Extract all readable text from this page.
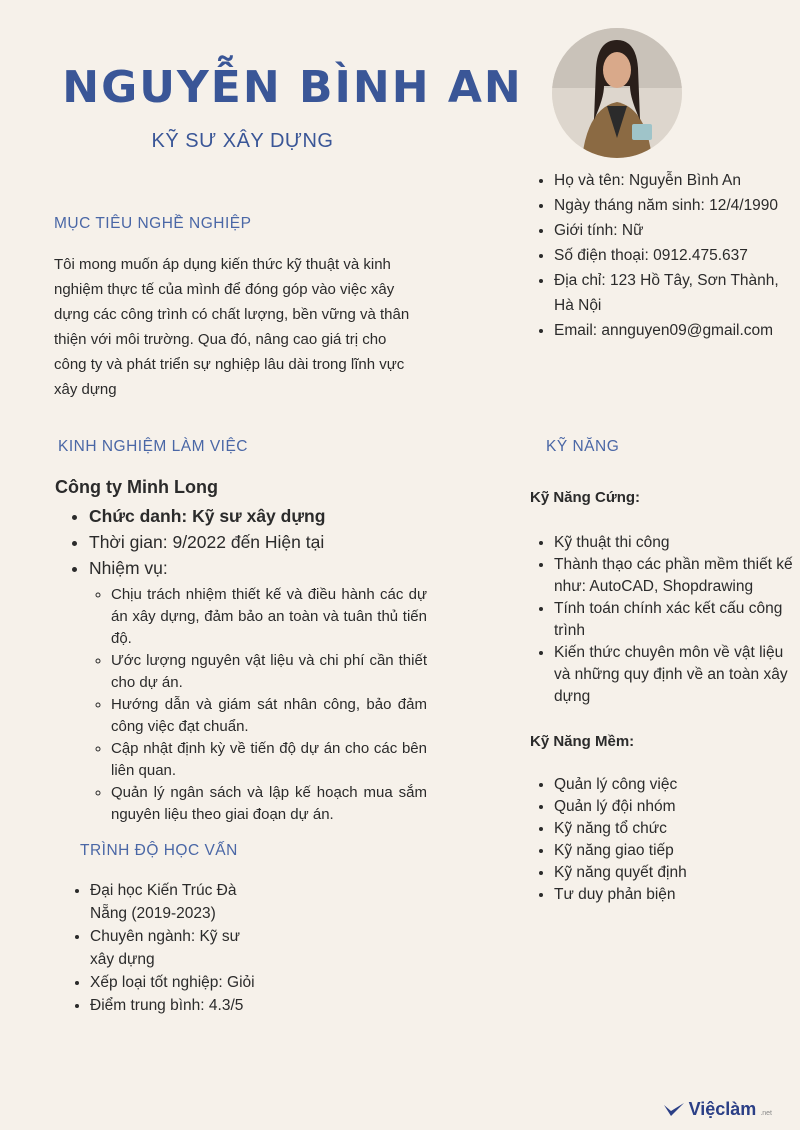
NGUYỄN BÌNH AN
KỸ SƯ XÂY DỰNG
• Họ và tên: Nguyễn Bình An
• Ngày tháng năm sinh: 12/4/1990
• Giới tính: Nữ
• Số điện thoại: 0912.475.637
• Địa chỉ: 123 Hồ Tây, Sơn Thành, Hà Nội
• Email: annguyen09@gmail.com
MỤC TIÊU NGHỀ NGHIỆP
Tôi mong muốn áp dụng kiến thức kỹ thuật và kinh nghiệm thực tế của mình để đóng góp vào việc xây dựng các công trình có chất lượng, bền vững và thân thiện với môi trường. Qua đó, nâng cao giá trị cho công ty và phát triển sự nghiệp lâu dài trong lĩnh vực xây dựng
KINH NGHIỆM LÀM VIỆC
Công ty Minh Long
• Chức danh: Kỹ sư xây dựng
• Thời gian: 9/2022 đến Hiện tại
• Nhiệm vụ:
◦ Chịu trách nhiệm thiết kế và điều hành các dự án xây dựng, đảm bảo an toàn và tuân thủ tiến độ.
◦ Ước lượng nguyên vật liệu và chi phí cần thiết cho dự án.
◦ Hướng dẫn và giám sát nhân công, bảo đảm công việc đạt chuẩn.
◦ Cập nhật định kỳ về tiến độ dự án cho các bên liên quan.
◦ Quản lý ngân sách và lập kế hoạch mua sắm nguyên liệu theo giai đoạn dự án.
TRÌNH ĐỘ HỌC VẤN
• Đại học Kiến Trúc Đà Nẵng (2019-2023)
• Chuyên ngành: Kỹ sư xây dựng
• Xếp loại tốt nghiệp: Giỏi
• Điểm trung bình: 4.3/5
KỸ NĂNG
Kỹ Năng Cứng:
• Kỹ thuật thi công
• Thành thạo các phần mềm thiết kế như: AutoCAD, Shopdrawing
• Tính toán chính xác kết cấu công trình
• Kiến thức chuyên môn về vật liệu và những quy định về an toàn xây dựng
Kỹ Năng Mềm:
• Quản lý công việc
• Quản lý đội nhóm
• Kỹ năng tổ chức
• Kỹ năng giao tiếp
• Kỹ năng quyết định
• Tư duy phản biện
Việclàm .net
